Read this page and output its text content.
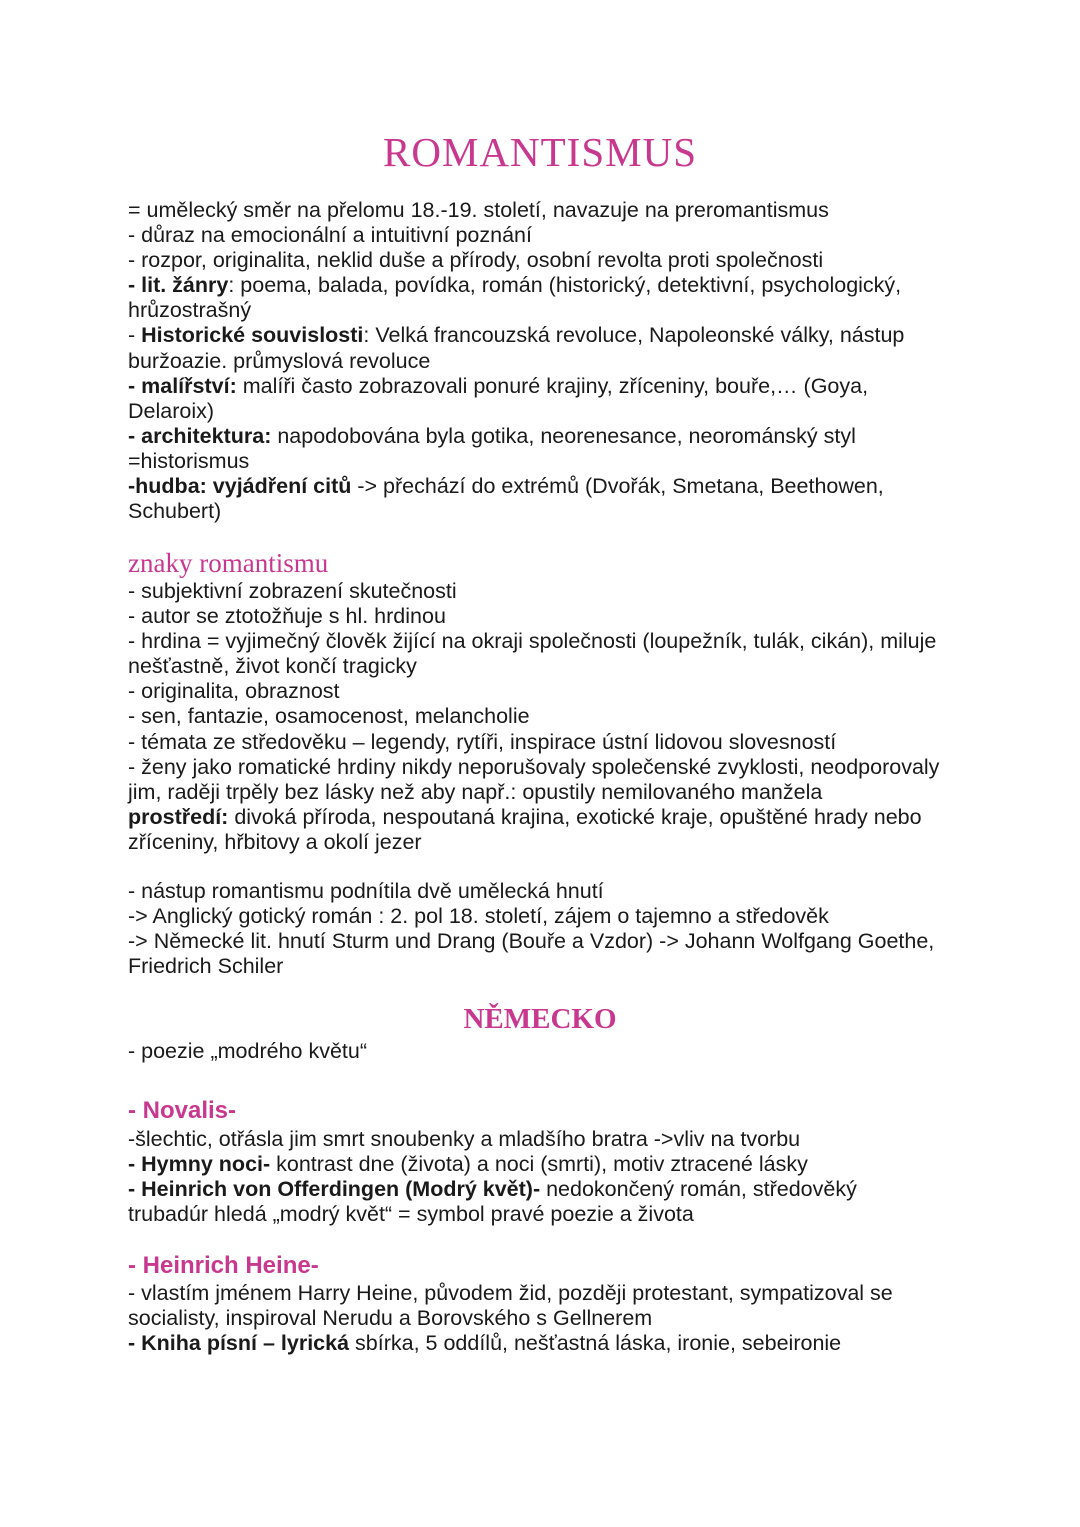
ROMANTISMUS
= umělecký směr na přelomu 18.-19. století, navazuje na preromantismus
- důraz na emocionální a intuitivní poznání
- rozpor, originalita, neklid duše a přírody, osobní revolta proti společnosti
- lit. žánry: poema, balada, povídka, román (historický, detektivní, psychologický,
hrůzostrašný
- Historické souvislosti: Velká francouzská revoluce, Napoleonské války, nástup
buržoazie. průmyslová revoluce
- malířství: malíři často zobrazovali ponuré krajiny, zříceniny, bouře,… (Goya,
Delaroix)
- architektura: napodobována byla gotika, neorenesance, neorománský styl
=historismus
-hudba: vyjádření citů -> přechází do extrémů (Dvořák, Smetana, Beethowen,
Schubert)
znaky romantismu
- subjektivní zobrazení skutečnosti
- autor se ztotožňuje s hl. hrdinou
- hrdina = vyjimečný člověk žijící na okraji společnosti (loupežník, tulák, cikán), miluje
nešťastně, život končí tragicky
- originalita, obraznost
- sen, fantazie, osamocenost, melancholie
- témata ze středověku – legendy, rytíři, inspirace ústní lidovou slovesností
- ženy jako romatické hrdiny nikdy neporušovaly společenské zvyklosti, neodporovaly
jim, raději trpěly bez lásky než aby např.: opustily nemilovaného manžela
prostředí: divoká příroda, nespoutaná krajina, exotické kraje, opuštěné hrady nebo
zříceniny, hřbitovy a okolí jezer
- nástup romantismu podnítila dvě umělecká hnutí
-> Anglický gotický román : 2. pol 18. století, zájem o tajemno a středověk
-> Německé lit. hnutí Sturm und Drang (Bouře a Vzdor) -> Johann Wolfgang Goethe,
Friedrich Schiler
NĚMECKO
- poezie „modrého květu“
- Novalis-
-šlechtic, otřásla jim smrt snoubenky a mladšího bratra ->vliv na tvorbu
- Hymny noci- kontrast dne (života) a noci (smrti), motiv ztracené lásky
- Heinrich von Offerdingen (Modrý květ)- nedokončený román, středověký
trubadúr hledá „modrý květ“ = symbol pravé poezie a života
- Heinrich Heine-
- vlastím jménem Harry Heine, původem žid, později protestant, sympatizoval se
socialisty, inspiroval Nerudu a Borovského s Gellnerem
- Kniha písní – lyrická sbírka, 5 oddílů, nešťastná láska, ironie, sebeironie
